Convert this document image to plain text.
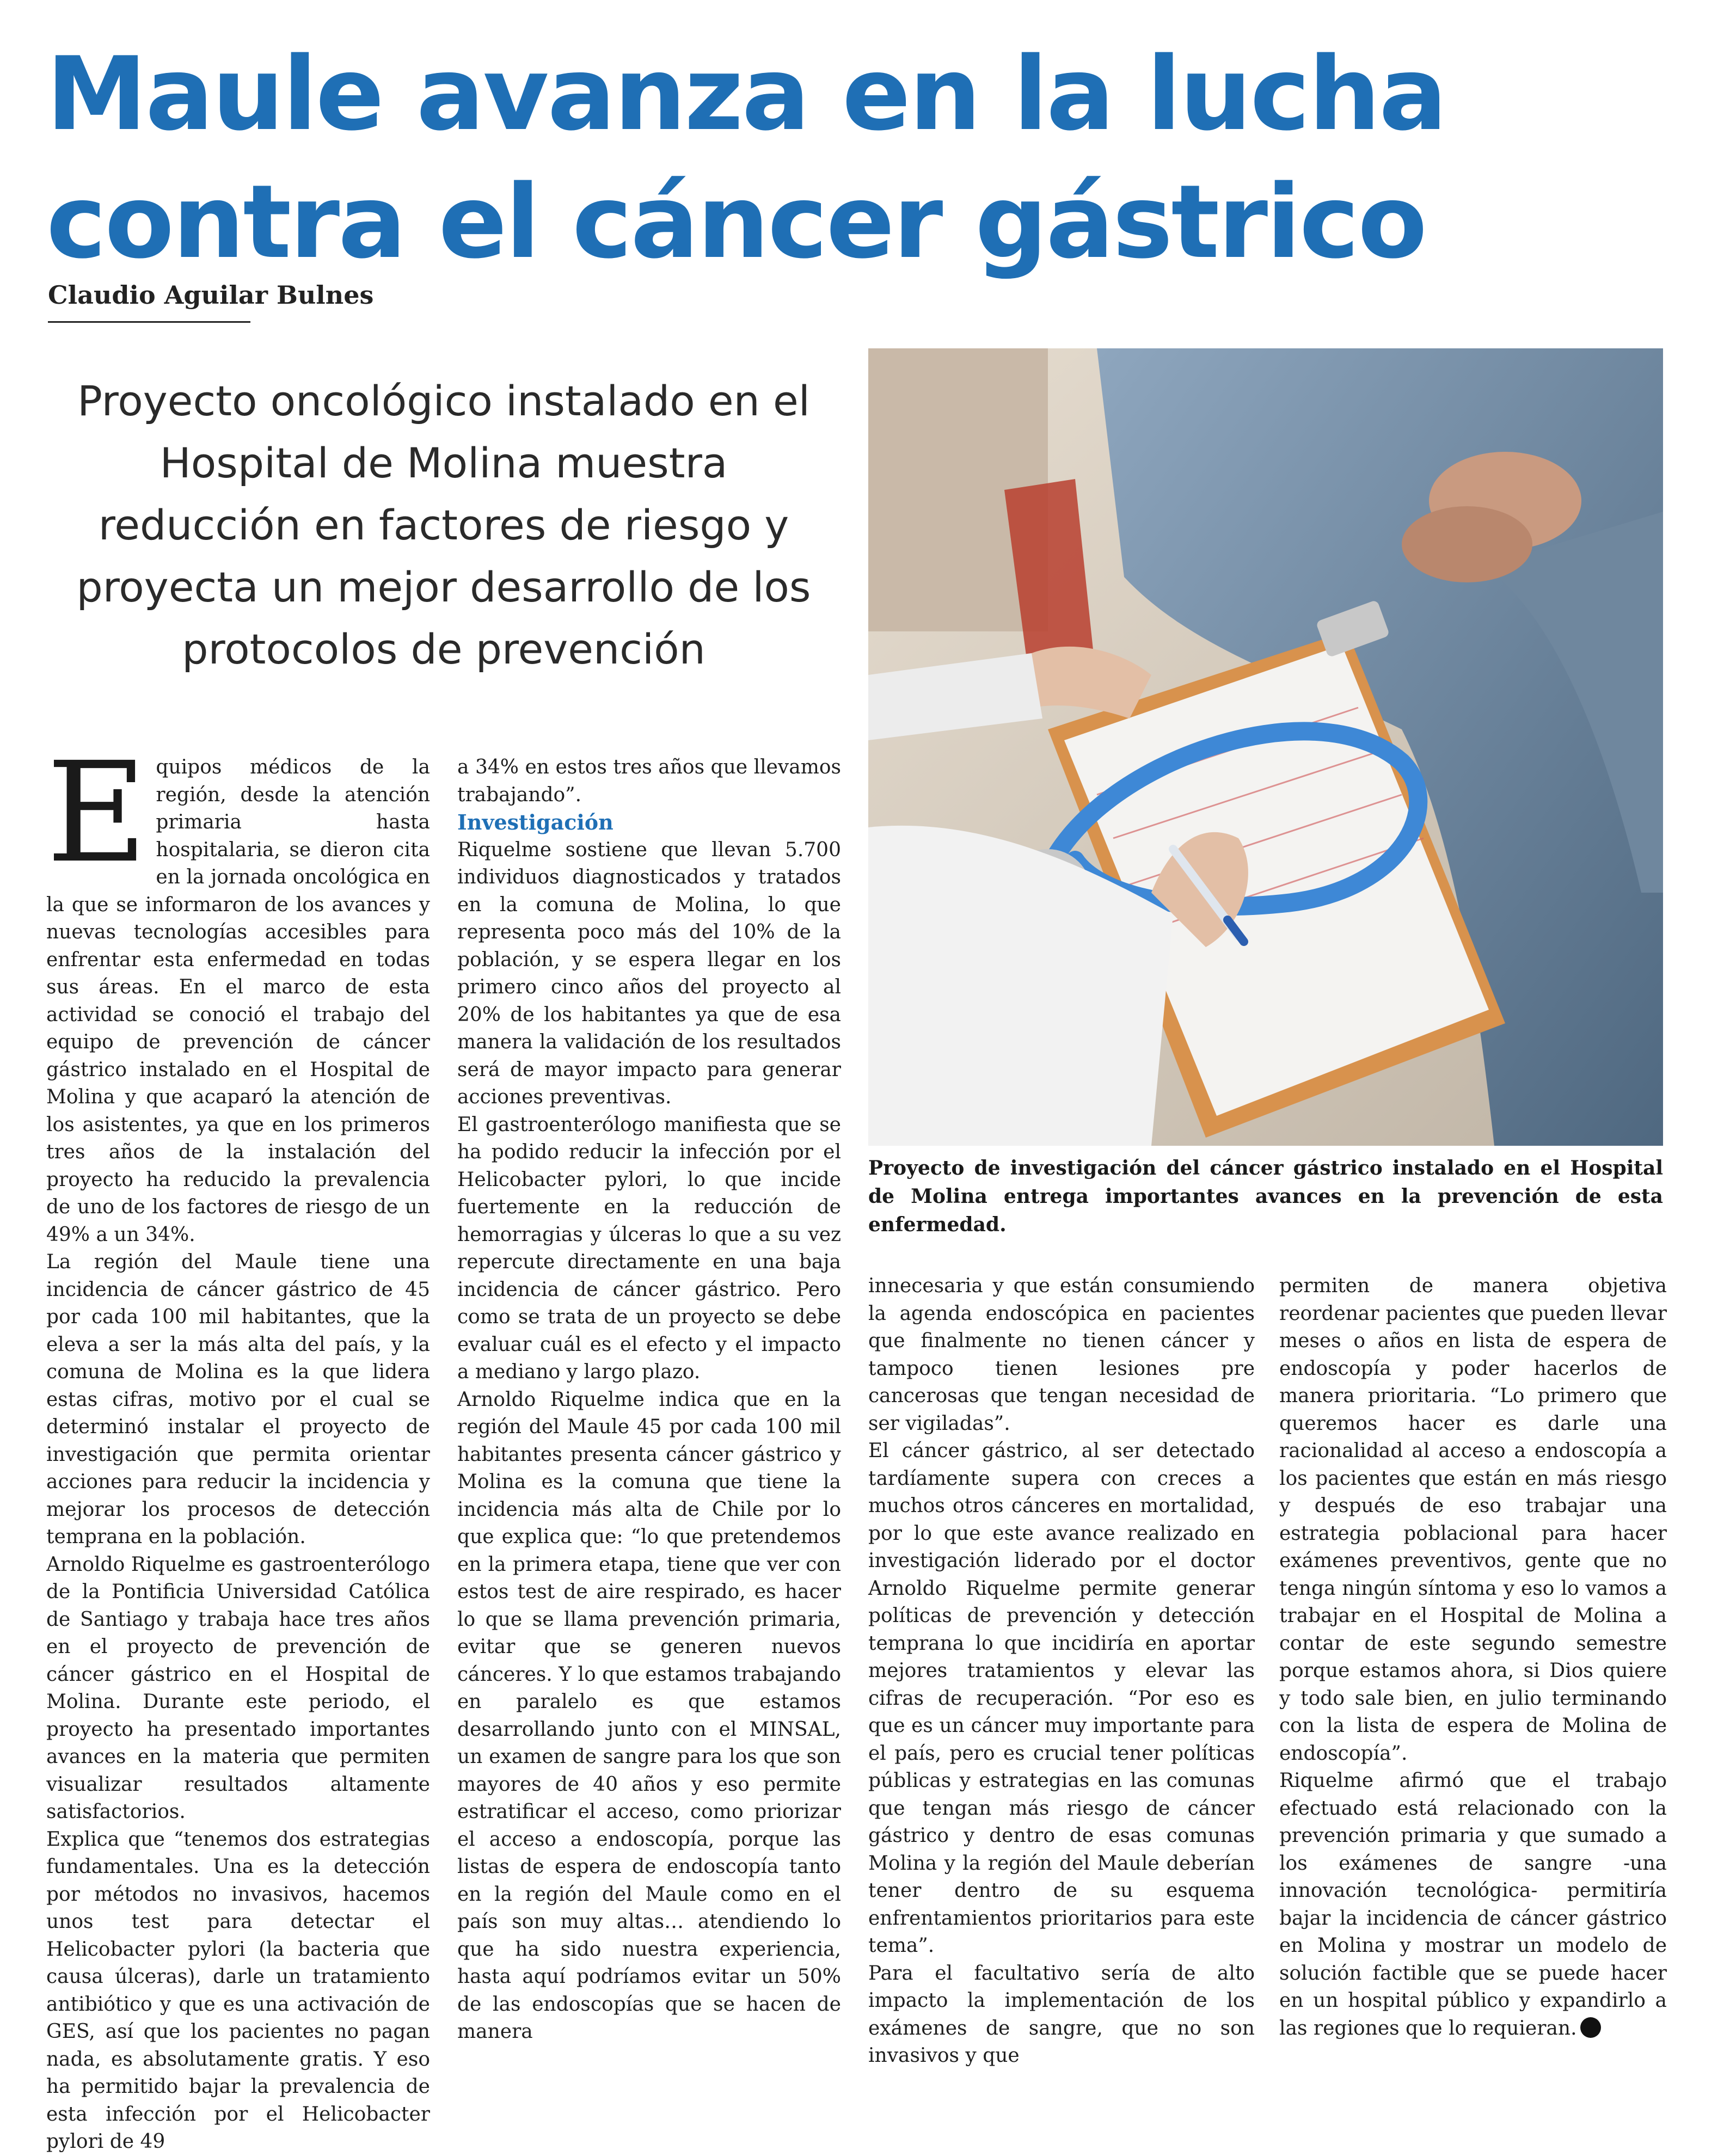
Maule avanza en la lucha
contra el cáncer gástrico
Claudio Aguilar Bulnes

Proyecto oncológico instalado en el Hospital de Molina muestra reducción en factores de riesgo y proyecta un mejor desarrollo de los protocolos de prevención

Proyecto de investigación del cáncer gástrico instalado en el Hospital de Molina entrega importantes avances en la prevención de esta enfermedad.

Equipos médicos de la región, desde la atención primaria hasta hospitalaria, se dieron cita en la jornada oncológica en la que se informaron de los avances y nuevas tecnologías accesibles para enfrentar esta enfermedad en todas sus áreas. En el marco de esta actividad se conoció el trabajo del equipo de prevención de cáncer gástrico instalado en el Hospital de Molina y que acaparó la atención de los asistentes, ya que en los primeros tres años de la instalación del proyecto ha reducido la prevalencia de uno de los factores de riesgo de un 49% a un 34%.

La región del Maule tiene una incidencia de cáncer gástrico de 45 por cada 100 mil habitantes, que la eleva a ser la más alta del país, y la comuna de Molina es la que lidera estas cifras, motivo por el cual se determinó instalar el proyecto de investigación que permita orientar acciones para reducir la incidencia y mejorar los procesos de detección temprana en la población.

Arnoldo Riquelme es gastroenterólogo de la Pontificia Universidad Católica de Santiago y trabaja hace tres años en el proyecto de prevención de cáncer gástrico en el Hospital de Molina. Durante este periodo, el proyecto ha presentado importantes avances en la materia que permiten visualizar resultados altamente satisfactorios.

Explica que “tenemos dos estrategias fundamentales. Una es la detección por métodos no invasivos, hacemos unos test para detectar el Helicobacter pylori (la bacteria que causa úlceras), darle un tratamiento antibiótico y que es una activación de GES, así que los pacientes no pagan nada, es absolutamente gratis. Y eso ha permitido bajar la prevalencia de esta infección por el Helicobacter pylori de 49

a 34% en estos tres años que llevamos trabajando”.

Investigación

Riquelme sostiene que llevan 5.700 individuos diagnosticados y tratados en la comuna de Molina, lo que representa poco más del 10% de la población, y se espera llegar en los primero cinco años del proyecto al 20% de los habitantes ya que de esa manera la validación de los resultados será de mayor impacto para generar acciones preventivas.

El gastroenterólogo manifiesta que se ha podido reducir la infección por el Helicobacter pylori, lo que incide fuertemente en la reducción de hemorragias y úlceras lo que a su vez repercute directamente en una baja incidencia de cáncer gástrico. Pero como se trata de un proyecto se debe evaluar cuál es el efecto y el impacto a mediano y largo plazo.

Arnoldo Riquelme indica que en la región del Maule 45 por cada 100 mil habitantes presenta cáncer gástrico y Molina es la comuna que tiene la incidencia más alta de Chile por lo que explica que: “lo que pretendemos en la primera etapa, tiene que ver con estos test de aire respirado, es hacer lo que se llama prevención primaria, evitar que se generen nuevos cánceres. Y lo que estamos trabajando en paralelo es que estamos desarrollando junto con el MINSAL, un examen de sangre para los que son mayores de 40 años y eso permite estratificar el acceso, como priorizar el acceso a endoscopía, porque las listas de espera de endoscopía tanto en la región del Maule como en el país son muy altas… atendiendo lo que ha sido nuestra experiencia, hasta aquí podríamos evitar un 50% de las endoscopías que se hacen de manera

innecesaria y que están consumiendo la agenda endoscópica en pacientes que finalmente no tienen cáncer y tampoco tienen lesiones pre cancerosas que tengan necesidad de ser vigiladas”.

El cáncer gástrico, al ser detectado tardíamente supera con creces a muchos otros cánceres en mortalidad, por lo que este avance realizado en investigación liderado por el doctor Arnoldo Riquelme permite generar políticas de prevención y detección temprana lo que incidiría en aportar mejores tratamientos y elevar las cifras de recuperación. “Por eso es que es un cáncer muy importante para el país, pero es crucial tener políticas públicas y estrategias en las comunas que tengan más riesgo de cáncer gástrico y dentro de esas comunas Molina y la región del Maule deberían tener dentro de su esquema enfrentamientos prioritarios para este tema”.

Para el facultativo sería de alto impacto la implementación de los exámenes de sangre, que no son invasivos y que

permiten de manera objetiva reordenar pacientes que pueden llevar meses o años en lista de espera de endoscopía y poder hacerlos de manera prioritaria. “Lo primero que queremos hacer es darle una racionalidad al acceso a endoscopía a los pacientes que están en más riesgo y después de eso trabajar una estrategia poblacional para hacer exámenes preventivos, gente que no tenga ningún síntoma y eso lo vamos a trabajar en el Hospital de Molina a contar de este segundo semestre porque estamos ahora, si Dios quiere y todo sale bien, en julio terminando con la lista de espera de Molina de endoscopía”.

Riquelme afirmó que el trabajo efectuado está relacionado con la prevención primaria y que sumado a los exámenes de sangre -una innovación tecnológica- permitiría bajar la incidencia de cáncer gástrico en Molina y mostrar un modelo de solución factible que se puede hacer en un hospital público y expandirlo a las regiones que lo requieran.
